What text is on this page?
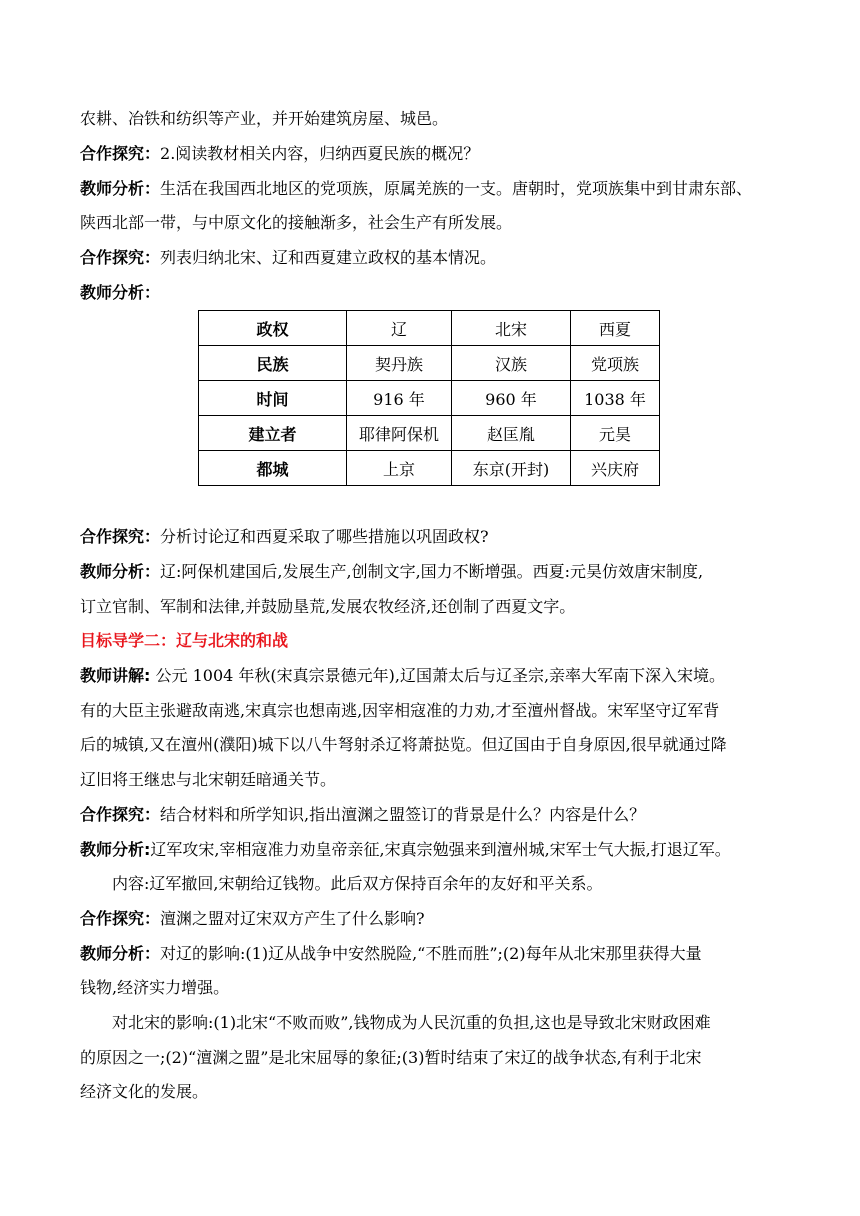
农耕、冶铁和纺织等产业，并开始建筑房屋、城邑。
合作探究：2.阅读教材相关内容，归纳西夏民族的概况？
教师分析：生活在我国西北地区的党项族，原属羌族的一支。唐朝时，党项族集中到甘肃东部、
陕西北部一带，与中原文化的接触渐多，社会生产有所发展。
合作探究：列表归纳北宋、辽和西夏建立政权的基本情况。
教师分析：
政权	辽	北宋	西夏
民族	契丹族	汉族	党项族
时间	916 年	960 年	1038 年
建立者	耶律阿保机	赵匡胤	元昊
都城	上京	东京(开封)	兴庆府
合作探究：分析讨论辽和西夏采取了哪些措施以巩固政权?
教师分析：辽:阿保机建国后,发展生产,创制文字,国力不断增强。西夏:元昊仿效唐宋制度,
订立官制、军制和法律,并鼓励垦荒,发展农牧经济,还创制了西夏文字。
目标导学二：辽与北宋的和战
教师讲解: 公元 1004 年秋(宋真宗景德元年),辽国萧太后与辽圣宗,亲率大军南下深入宋境。
有的大臣主张避敌南逃,宋真宗也想南逃,因宰相寇准的力劝,才至澶州督战。宋军坚守辽军背
后的城镇,又在澶州(濮阳)城下以八牛弩射杀辽将萧挞览。但辽国由于自身原因,很早就通过降
辽旧将王继忠与北宋朝廷暗通关节。
合作探究：结合材料和所学知识,指出澶渊之盟签订的背景是什么？内容是什么？
教师分析:辽军攻宋,宰相寇准力劝皇帝亲征,宋真宗勉强来到澶州城,宋军士气大振,打退辽军。
内容:辽军撤回,宋朝给辽钱物。此后双方保持百余年的友好和平关系。
合作探究：澶渊之盟对辽宋双方产生了什么影响?
教师分析：对辽的影响:(1)辽从战争中安然脱险,“不胜而胜”;(2)每年从北宋那里获得大量
钱物,经济实力增强。
对北宋的影响:(1)北宋“不败而败”,钱物成为人民沉重的负担,这也是导致北宋财政困难
的原因之一;(2)“澶渊之盟”是北宋屈辱的象征;(3)暂时结束了宋辽的战争状态,有利于北宋
经济文化的发展。
